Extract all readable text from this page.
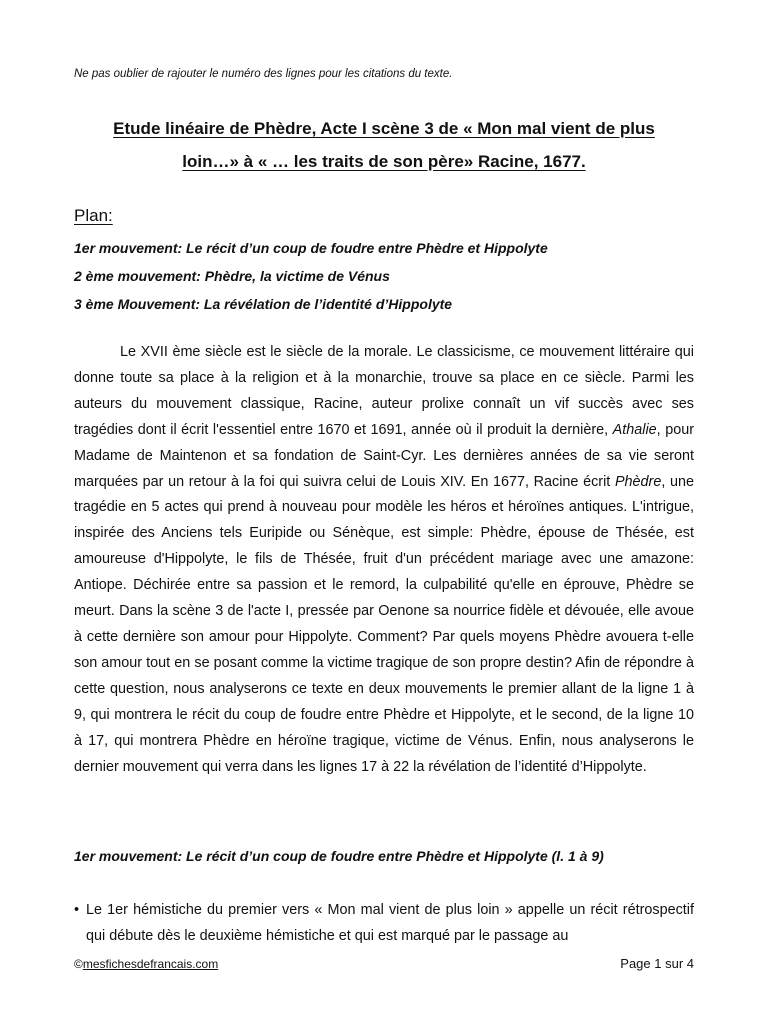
Ne pas oublier de rajouter le numéro des lignes pour les citations du texte.
Etude linéaire de Phèdre, Acte I scène 3 de « Mon mal vient de plus
loin…» à « … les traits de son père» Racine, 1677.
Plan:
1er mouvement: Le récit d’un coup de foudre entre Phèdre et Hippolyte
2 ème mouvement: Phèdre, la victime de Vénus
3 ème Mouvement: La révélation de l’identité d’Hippolyte

Le XVII ème siècle est le siècle de la morale. Le classicisme, ce mouvement littéraire qui donne toute sa place à la religion et à la monarchie, trouve sa place en ce siècle. Parmi les auteurs du mouvement classique, Racine, auteur prolixe connaît un vif succès avec ses tragédies dont il écrit l'essentiel entre 1670 et 1691, année où il produit la dernière, Athalie, pour Madame de Maintenon et sa fondation de Saint-Cyr. Les dernières années de sa vie seront marquées par un retour à la foi qui suivra celui de Louis XIV. En 1677, Racine écrit Phèdre, une tragédie en 5 actes qui prend à nouveau pour modèle les héros et héroïnes antiques. L'intrigue, inspirée des Anciens tels Euripide ou Sénèque, est simple: Phèdre, épouse de Thésée, est amoureuse d'Hippolyte, le fils de Thésée, fruit d'un précédent mariage avec une amazone: Antiope. Déchirée entre sa passion et le remord, la culpabilité qu'elle en éprouve, Phèdre se meurt. Dans la scène 3 de l'acte I, pressée par Oenone sa nourrice fidèle et dévouée, elle avoue à cette dernière son amour pour Hippolyte. Comment? Par quels moyens Phèdre avouera t-elle son amour tout en se posant comme la victime tragique de son propre destin? Afin de répondre à cette question, nous analyserons ce texte en deux mouvements le premier allant de la ligne 1 à 9, qui montrera le récit du coup de foudre entre Phèdre et Hippolyte, et le second, de la ligne 10 à 17, qui montrera Phèdre en héroïne tragique, victime de Vénus. Enfin, nous analyserons le dernier mouvement qui verra dans les lignes 17 à 22 la révélation de l’identité d’Hippolyte.

1er mouvement: Le récit d’un coup de foudre entre Phèdre et Hippolyte (l. 1 à 9)

• Le 1er hémistiche du premier vers « Mon mal vient de plus loin » appelle un récit rétrospectif qui débute dès le deuxième hémistiche et qui est marqué par le passage au

©mesfichesdefrancais.com	Page 1 sur 4
